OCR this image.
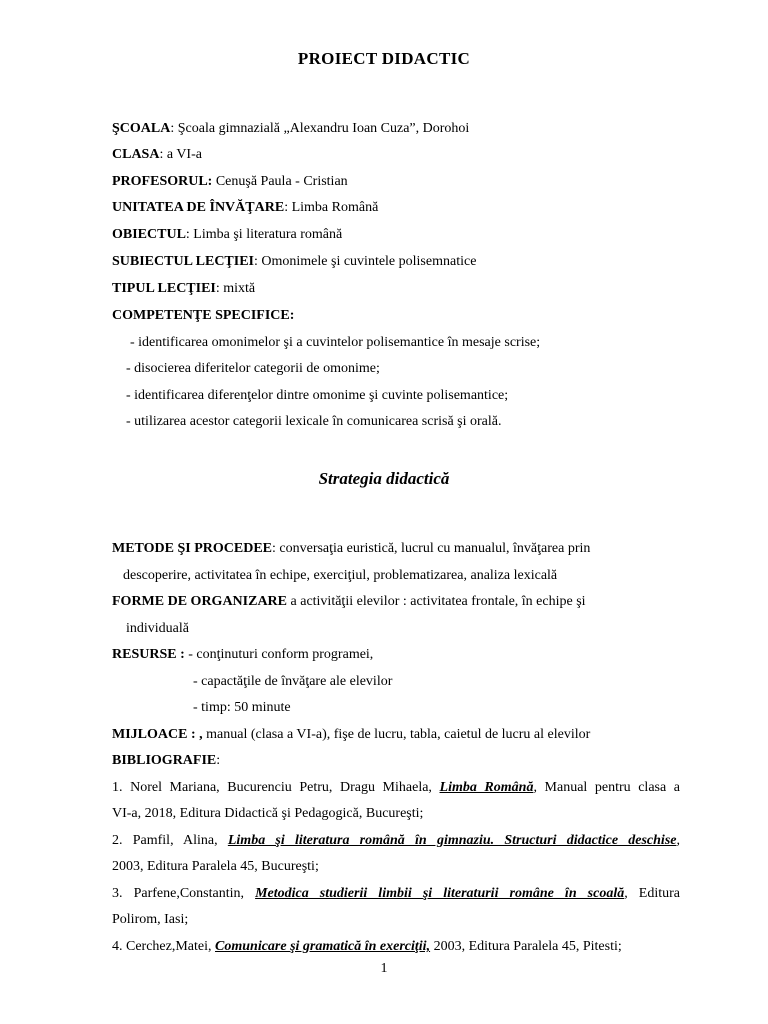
PROIECT DIDACTIC
ŞCOALA: Şcoala gimnazială „Alexandru Ioan Cuza”, Dorohoi
CLASA: a VI-a
PROFESORUL: Cenuşă Paula - Cristian
UNITATEA DE ÎNVĂŢARE: Limba Română
OBIECTUL: Limba şi literatura română
SUBIECTUL LECŢIEI: Omonimele şi cuvintele polisemnatice
TIPUL LECŢIEI: mixtă
COMPETENŢE SPECIFICE:
- identificarea omonimelor şi a cuvintelor polisemantice în mesaje scrise;
- disocierea diferitelor categorii de omonime;
- identificarea diferenţelor dintre omonime şi cuvinte polisemantice;
- utilizarea acestor categorii lexicale în comunicarea scrisă şi orală.
Strategia didactică
METODE ŞI PROCEDEE: conversaţia euristică, lucrul cu manualul, învăţarea prin
descoperire, activitatea în echipe, exerciţiul, problematizarea, analiza lexicală
FORME DE ORGANIZARE a activităţii elevilor : activitatea frontale, în echipe şi
individuală
RESURSE : - conţinuturi conform programei,
- capactăţile de învăţare ale elevilor
- timp: 50 minute
MIJLOACE : , manual (clasa a VI-a), fişe de lucru, tabla, caietul de lucru al elevilor
BIBLIOGRAFIE:
1. Norel Mariana, Bucurenciu Petru, Dragu Mihaela, Limba Română, Manual pentru clasa a
VI-a, 2018, Editura Didactică şi Pedagogică, Bucureşti;
2. Pamfil, Alina, Limba şi literatura română în gimnaziu. Structuri didactice deschise,
2003, Editura Paralela 45, Bucureşti;
3. Parfene,Constantin, Metodica studierii limbii şi literaturii române în scoală, Editura
Polirom, Iasi;
4. Cerchez,Matei, Comunicare şi gramatică în exerciţii, 2003, Editura Paralela 45, Pitesti;
1
